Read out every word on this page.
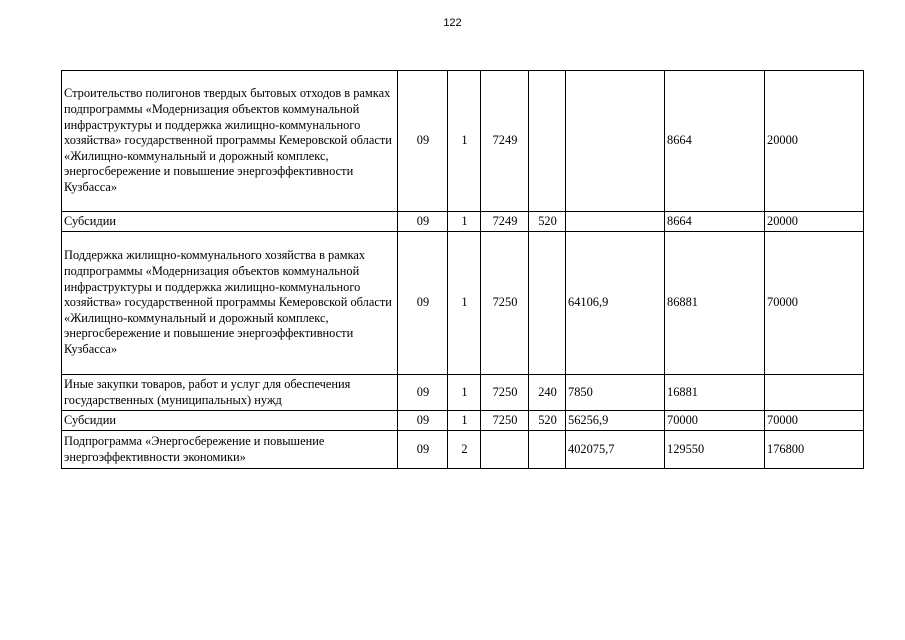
122
Строительство полигонов твердых бытовых отходов в рамках подпрограммы «Модернизация объектов коммунальной инфраструктуры и поддержка жилищно-коммунального хозяйства» государственной программы Кемеровской области «Жилищно-коммунальный и дорожный комплекс, энергосбережение и повышение энергоэффективности Кузбасса»	09	1	7249			8664	20000
Субсидии	09	1	7249	520		8664	20000
Поддержка жилищно-коммунального хозяйства в рамках подпрограммы «Модернизация объектов коммунальной инфраструктуры и поддержка жилищно-коммунального хозяйства» государственной программы Кемеровской области «Жилищно-коммунальный и дорожный комплекс, энергосбережение и повышение энергоэффективности Кузбасса»	09	1	7250		64106,9	86881	70000
Иные закупки товаров, работ и услуг для обеспечения государственных (муниципальных) нужд	09	1	7250	240	7850	16881	
Субсидии	09	1	7250	520	56256,9	70000	70000
Подпрограмма «Энергосбережение и повышение энергоэффективности экономики»	09	2			402075,7	129550	176800
